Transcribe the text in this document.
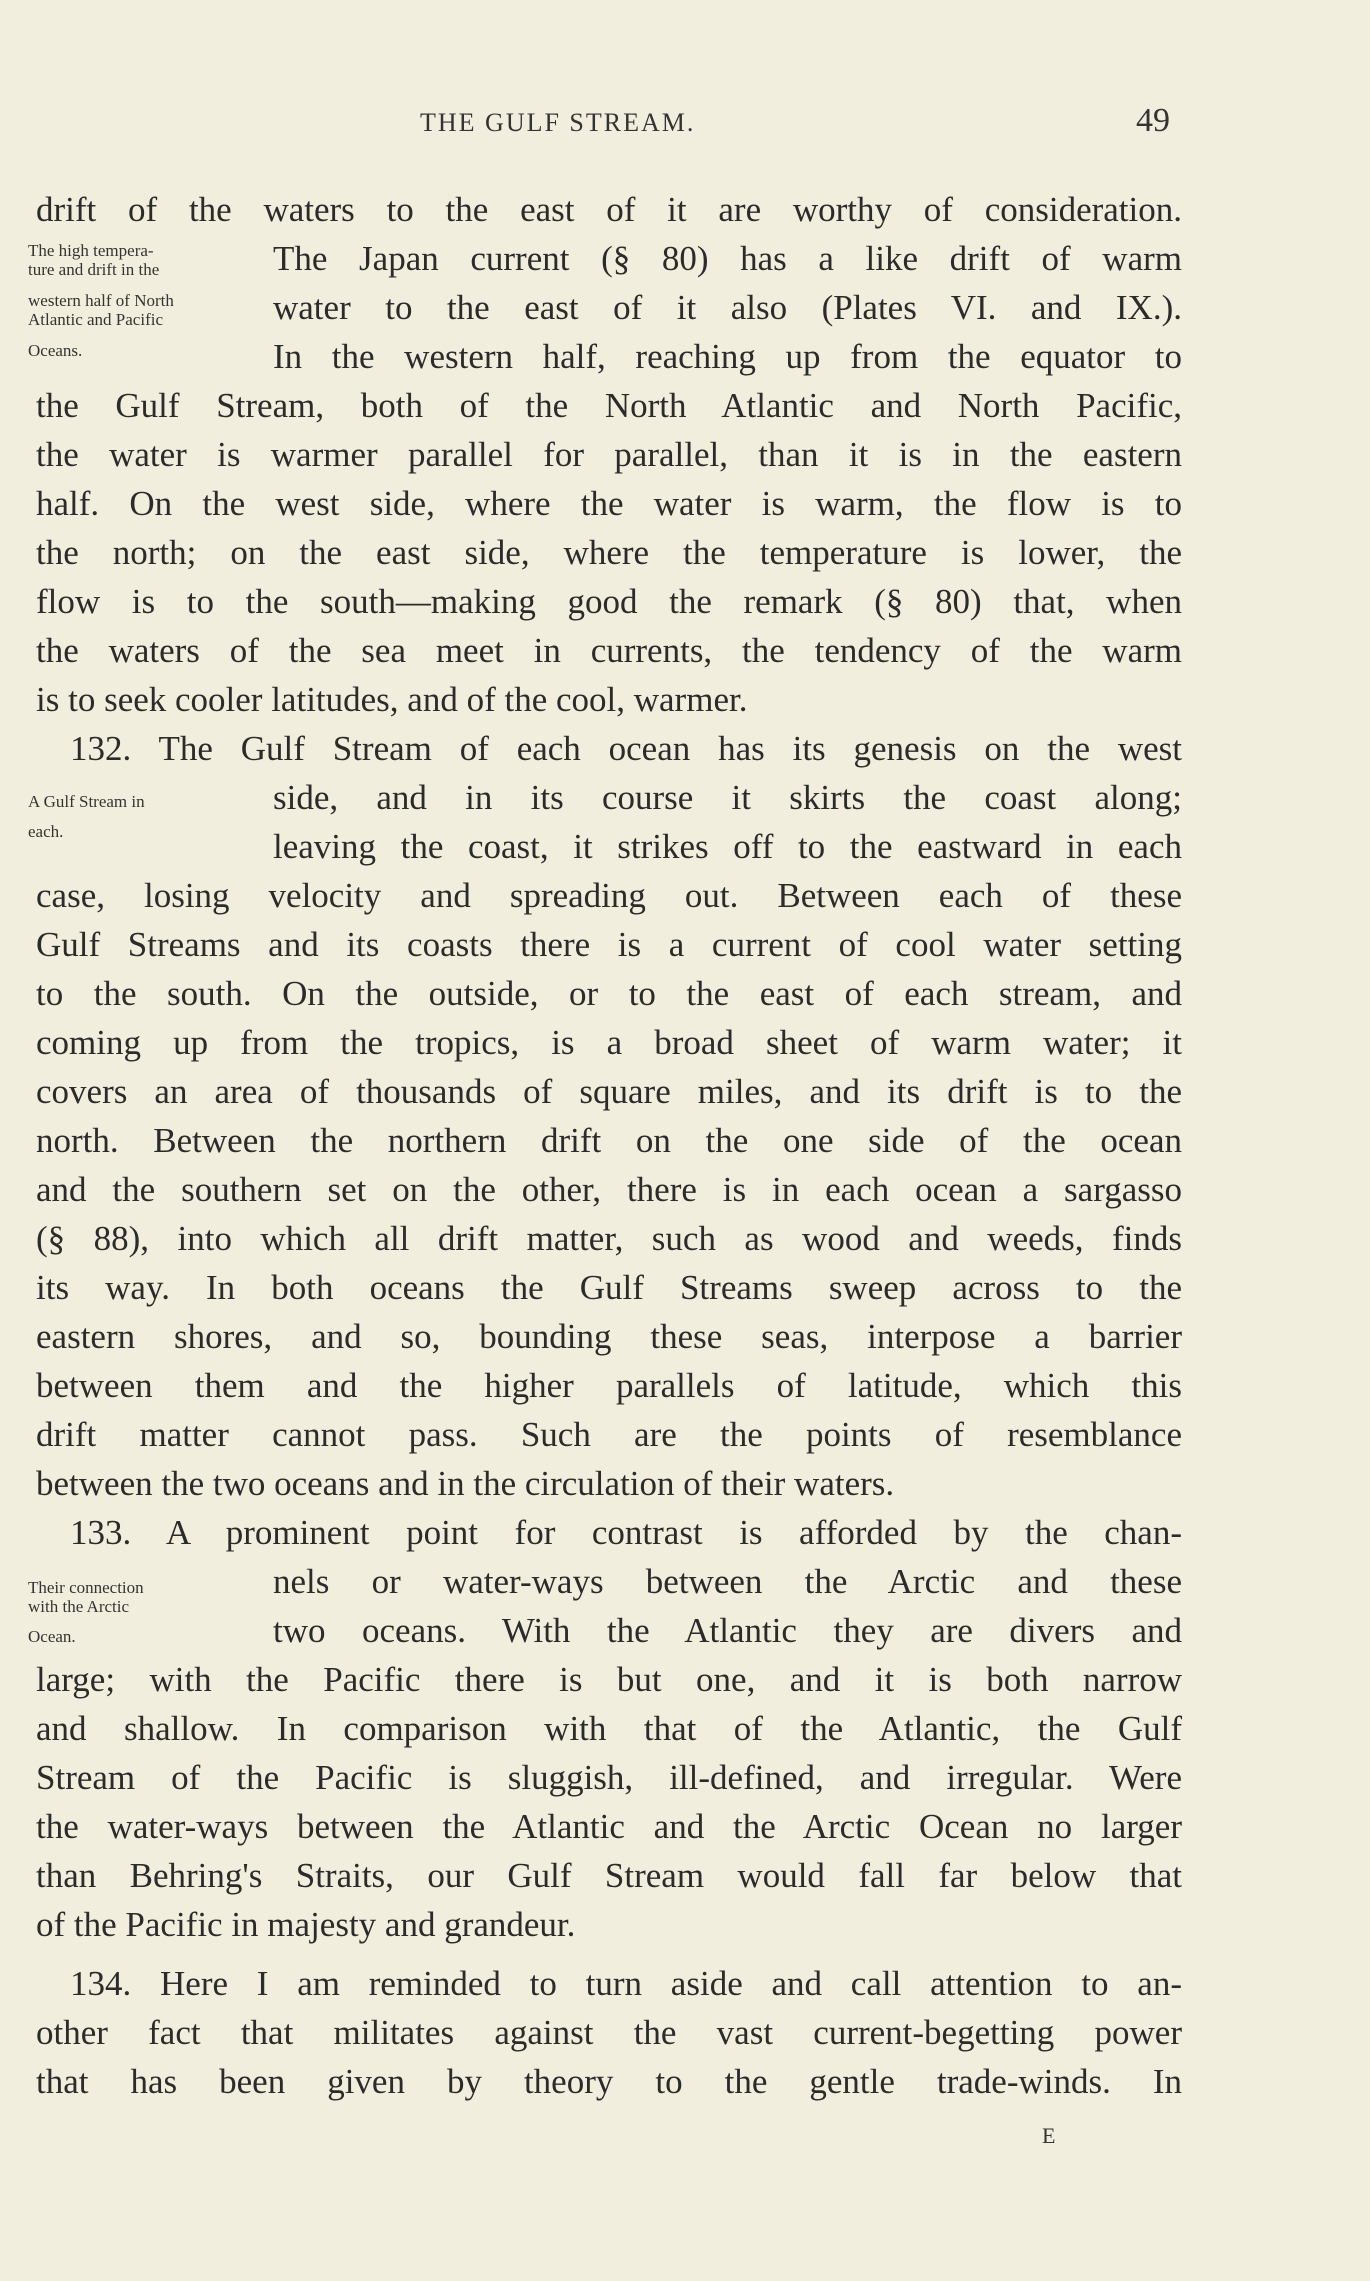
THE GULF STREAM.	49
The high tempera-
ture and drift in the
western half of North
Atlantic and Pacific
Oceans.
A Gulf Stream in
each.
Their connection
with the Arctic
Ocean.
drift of the waters to the east of it are worthy of consideration.
The Japan current (§ 80) has a like drift of warm
water to the east of it also (Plates VI. and IX.).
In the western half, reaching up from the equator to
the Gulf Stream, both of the North Atlantic and North Pacific,
the water is warmer parallel for parallel, than it is in the eastern
half. On the west side, where the water is warm, the flow is to
the north; on the east side, where the temperature is lower, the
flow is to the south—making good the remark (§ 80) that, when
the waters of the sea meet in currents, the tendency of the warm
is to seek cooler latitudes, and of the cool, warmer.
132. The Gulf Stream of each ocean has its genesis on the west
side, and in its course it skirts the coast along;
leaving the coast, it strikes off to the eastward in each
case, losing velocity and spreading out. Between each of these
Gulf Streams and its coasts there is a current of cool water setting
to the south. On the outside, or to the east of each stream, and
coming up from the tropics, is a broad sheet of warm water; it
covers an area of thousands of square miles, and its drift is to the
north. Between the northern drift on the one side of the ocean
and the southern set on the other, there is in each ocean a sargasso
(§ 88), into which all drift matter, such as wood and weeds, finds
its way. In both oceans the Gulf Streams sweep across to the
eastern shores, and so, bounding these seas, interpose a barrier
between them and the higher parallels of latitude, which this
drift matter cannot pass. Such are the points of resemblance
between the two oceans and in the circulation of their waters.
133. A prominent point for contrast is afforded by the chan-
nels or water-ways between the Arctic and these
two oceans. With the Atlantic they are divers and
large; with the Pacific there is but one, and it is both narrow
and shallow. In comparison with that of the Atlantic, the Gulf
Stream of the Pacific is sluggish, ill-defined, and irregular. Were
the water-ways between the Atlantic and the Arctic Ocean no larger
than Behring's Straits, our Gulf Stream would fall far below that
of the Pacific in majesty and grandeur.
134. Here I am reminded to turn aside and call attention to an-
other fact that militates against the vast current-begetting power
that has been given by theory to the gentle trade-winds. In
E
